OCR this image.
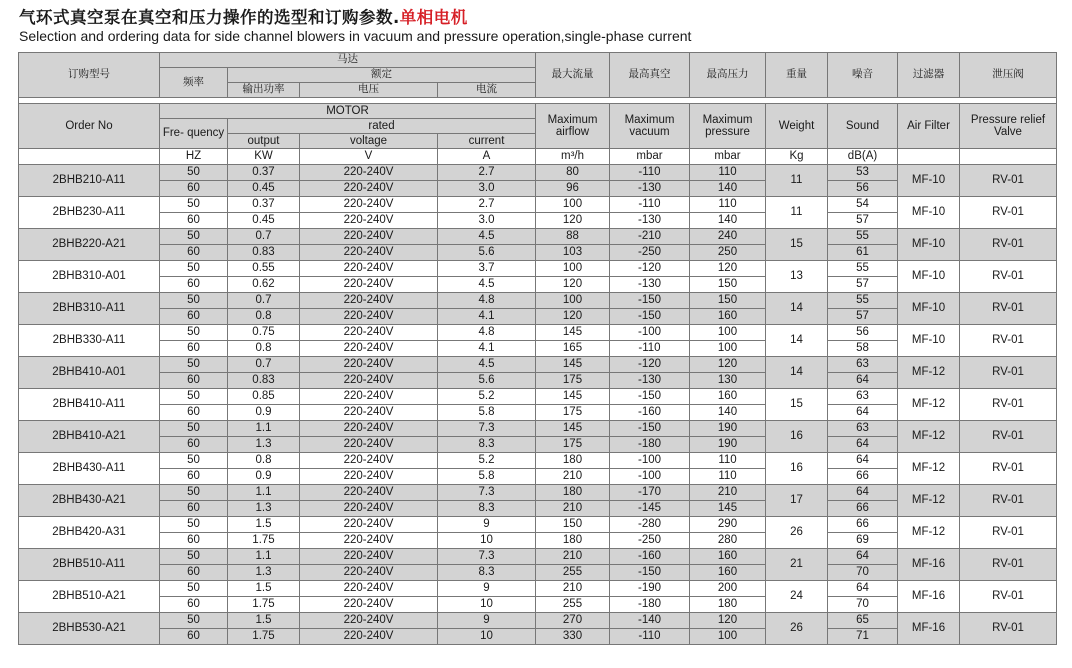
气环式真空泵在真空和压力操作的选型和订购参数.单相电机
Selection and ordering data for side channel blowers in vacuum and pressure operation,single-phase current
订购型号	马达				最大流量	最高真空	最高压力	重量	噪音	过滤器	泄压阀
	频率	额定									
		输出功率	电压	电流							

Order No	MOTOR				Maximum airflow	Maximum vacuum	Maximum pressure	Weight	Sound	Air Filter	Pressure relief Valve
	Fre- quency	rated									
		output	voltage	current							
	HZ	KW	V	A	m³/h	mbar	mbar	Kg	dB(A)		
2BHB210-A11	50	0.37	220-240V	2.7	80	-110	110	11	53	MF-10	RV-01
	60	0.45	220-240V	3.0	96	-130	140		56		
2BHB230-A11	50	0.37	220-240V	2.7	100	-110	110	11	54	MF-10	RV-01
	60	0.45	220-240V	3.0	120	-130	140		57		
2BHB220-A21	50	0.7	220-240V	4.5	88	-210	240	15	55	MF-10	RV-01
	60	0.83	220-240V	5.6	103	-250	250		61		
2BHB310-A01	50	0.55	220-240V	3.7	100	-120	120	13	55	MF-10	RV-01
	60	0.62	220-240V	4.5	120	-130	150		57		
2BHB310-A11	50	0.7	220-240V	4.8	100	-150	150	14	55	MF-10	RV-01
	60	0.8	220-240V	4.1	120	-150	160		57		
2BHB330-A11	50	0.75	220-240V	4.8	145	-100	100	14	56	MF-10	RV-01
	60	0.8	220-240V	4.1	165	-110	100		58		
2BHB410-A01	50	0.7	220-240V	4.5	145	-120	120	14	63	MF-12	RV-01
	60	0.83	220-240V	5.6	175	-130	130		64		
2BHB410-A11	50	0.85	220-240V	5.2	145	-150	160	15	63	MF-12	RV-01
	60	0.9	220-240V	5.8	175	-160	140		64		
2BHB410-A21	50	1.1	220-240V	7.3	145	-150	190	16	63	MF-12	RV-01
	60	1.3	220-240V	8.3	175	-180	190		64		
2BHB430-A11	50	0.8	220-240V	5.2	180	-100	110	16	64	MF-12	RV-01
	60	0.9	220-240V	5.8	210	-100	110		66		
2BHB430-A21	50	1.1	220-240V	7.3	180	-170	210	17	64	MF-12	RV-01
	60	1.3	220-240V	8.3	210	-145	145		66		
2BHB420-A31	50	1.5	220-240V	9	150	-280	290	26	66	MF-12	RV-01
	60	1.75	220-240V	10	180	-250	280		69		
2BHB510-A11	50	1.1	220-240V	7.3	210	-160	160	21	64	MF-16	RV-01
	60	1.3	220-240V	8.3	255	-150	160		70		
2BHB510-A21	50	1.5	220-240V	9	210	-190	200	24	64	MF-16	RV-01
	60	1.75	220-240V	10	255	-180	180		70		
2BHB530-A21	50	1.5	220-240V	9	270	-140	120	26	65	MF-16	RV-01
	60	1.75	220-240V	10	330	-110	100		71		
